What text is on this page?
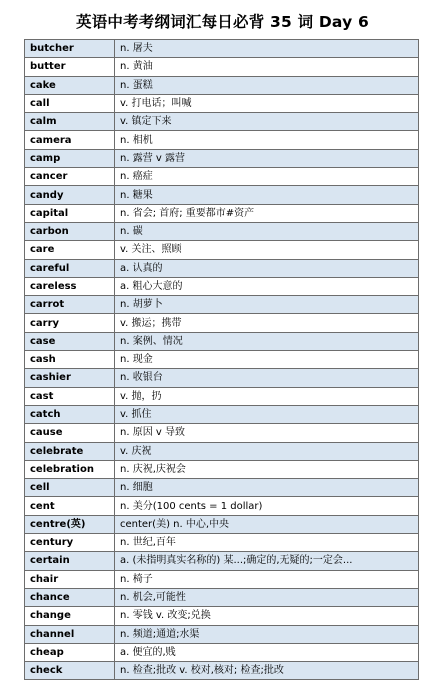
英语中考考纲词汇每日必背 35 词 Day 6
butcher	n. 屠夫
butter	n. 黄油
cake	n. 蛋糕
call	v. 打电话；叫喊
calm	v. 镇定下来
camera	n. 相机
camp	n. 露营 v 露营
cancer	n. 癌症
candy	n. 糖果
capital	n. 省会; 首府; 重要都市#资产
carbon	n. 碳
care	v. 关注、照顾
careful	a. 认真的
careless	a. 粗心大意的
carrot	n. 胡萝卜
carry	v. 搬运；携带
case	n. 案例、情况
cash	n. 现金
cashier	n. 收银台
cast	v. 抛，扔
catch	v. 抓住
cause	n. 原因 v 导致
celebrate	v. 庆祝
celebration	n. 庆祝,庆祝会
cell	n. 细胞
cent	n. 美分(100 cents = 1 dollar)
centre(英)	center(美) n. 中心,中央
century	n. 世纪,百年
certain	a. (未指明真实名称的) 某...;确定的,无疑的;一定会...
chair	n. 椅子
chance	n. 机会,可能性
change	n. 零钱 v. 改变;兑换
channel	n. 频道;通道;水渠
cheap	a. 便宜的,贱
check	n. 检查;批改 v. 校对,核对; 检查;批改
